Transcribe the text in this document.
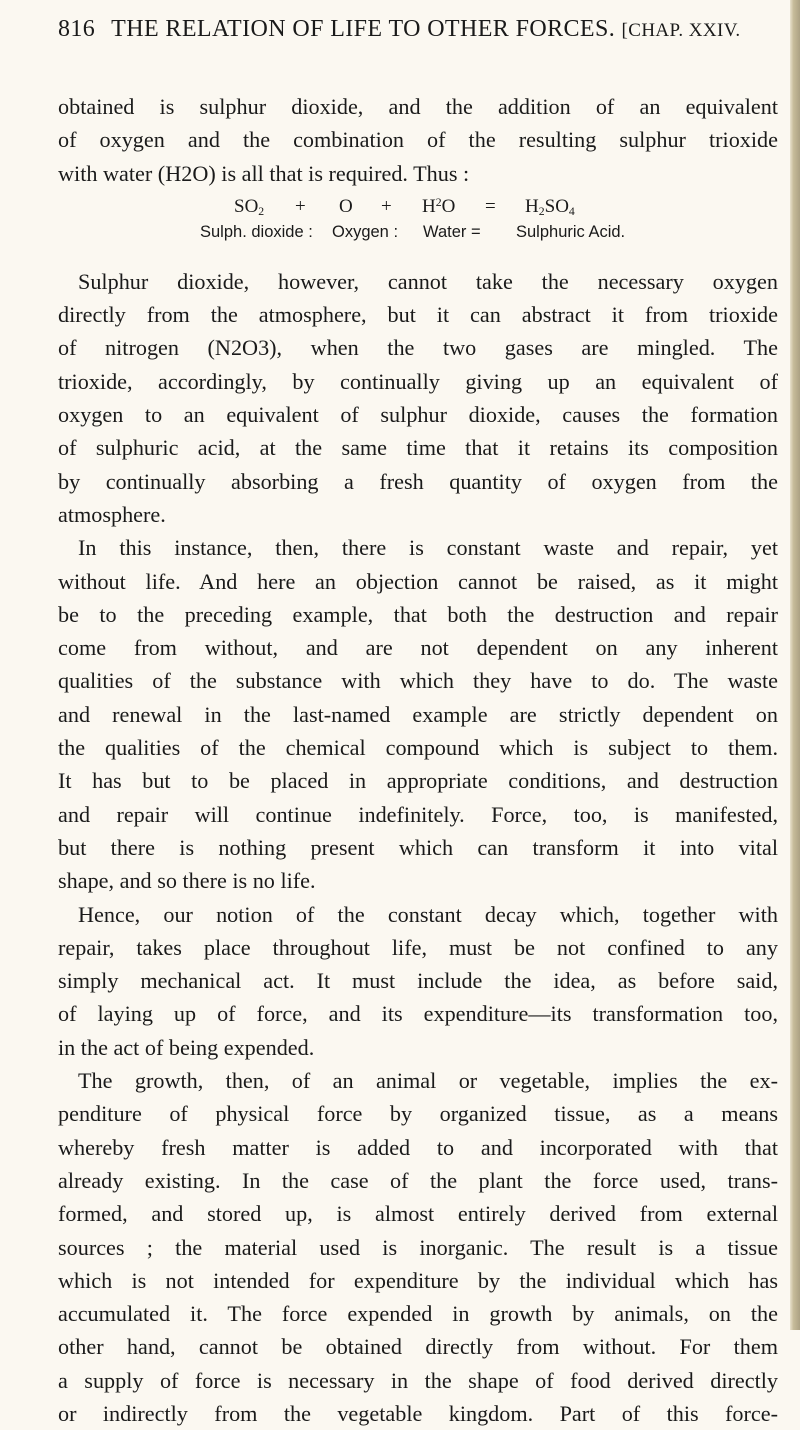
816 THE RELATION OF LIFE TO OTHER FORCES. [CHAP. XXIV.
obtained is sulphur dioxide, and the addition of an equivalent
of oxygen and the combination of the resulting sulphur trioxide
with water (H2O) is all that is required. Thus :
$SO_2 + O + H^2O = H_2SO_4$
Sulph. dioxide : Oxygen : Water = Sulphuric Acid.
Sulphur dioxide, however, cannot take the necessary oxygen
directly from the atmosphere, but it can abstract it from trioxide
of nitrogen (N2O3), when the two gases are mingled. The
trioxide, accordingly, by continually giving up an equivalent of
oxygen to an equivalent of sulphur dioxide, causes the formation
of sulphuric acid, at the same time that it retains its composition
by continually absorbing a fresh quantity of oxygen from the
atmosphere.
In this instance, then, there is constant waste and repair, yet
without life. And here an objection cannot be raised, as it might
be to the preceding example, that both the destruction and repair
come from without, and are not dependent on any inherent
qualities of the substance with which they have to do. The waste
and renewal in the last-named example are strictly dependent on
the qualities of the chemical compound which is subject to them.
It has but to be placed in appropriate conditions, and destruction
and repair will continue indefinitely. Force, too, is manifested,
but there is nothing present which can transform it into vital
shape, and so there is no life.
Hence, our notion of the constant decay which, together with
repair, takes place throughout life, must be not confined to any
simply mechanical act. It must include the idea, as before said,
of laying up of force, and its expenditure—its transformation too,
in the act of being expended.
The growth, then, of an animal or vegetable, implies the ex-
penditure of physical force by organized tissue, as a means
whereby fresh matter is added to and incorporated with that
already existing. In the case of the plant the force used, trans-
formed, and stored up, is almost entirely derived from external
sources ; the material used is inorganic. The result is a tissue
which is not intended for expenditure by the individual which has
accumulated it. The force expended in growth by animals, on the
other hand, cannot be obtained directly from without. For them
a supply of force is necessary in the shape of food derived directly
or indirectly from the vegetable kingdom. Part of this force-
